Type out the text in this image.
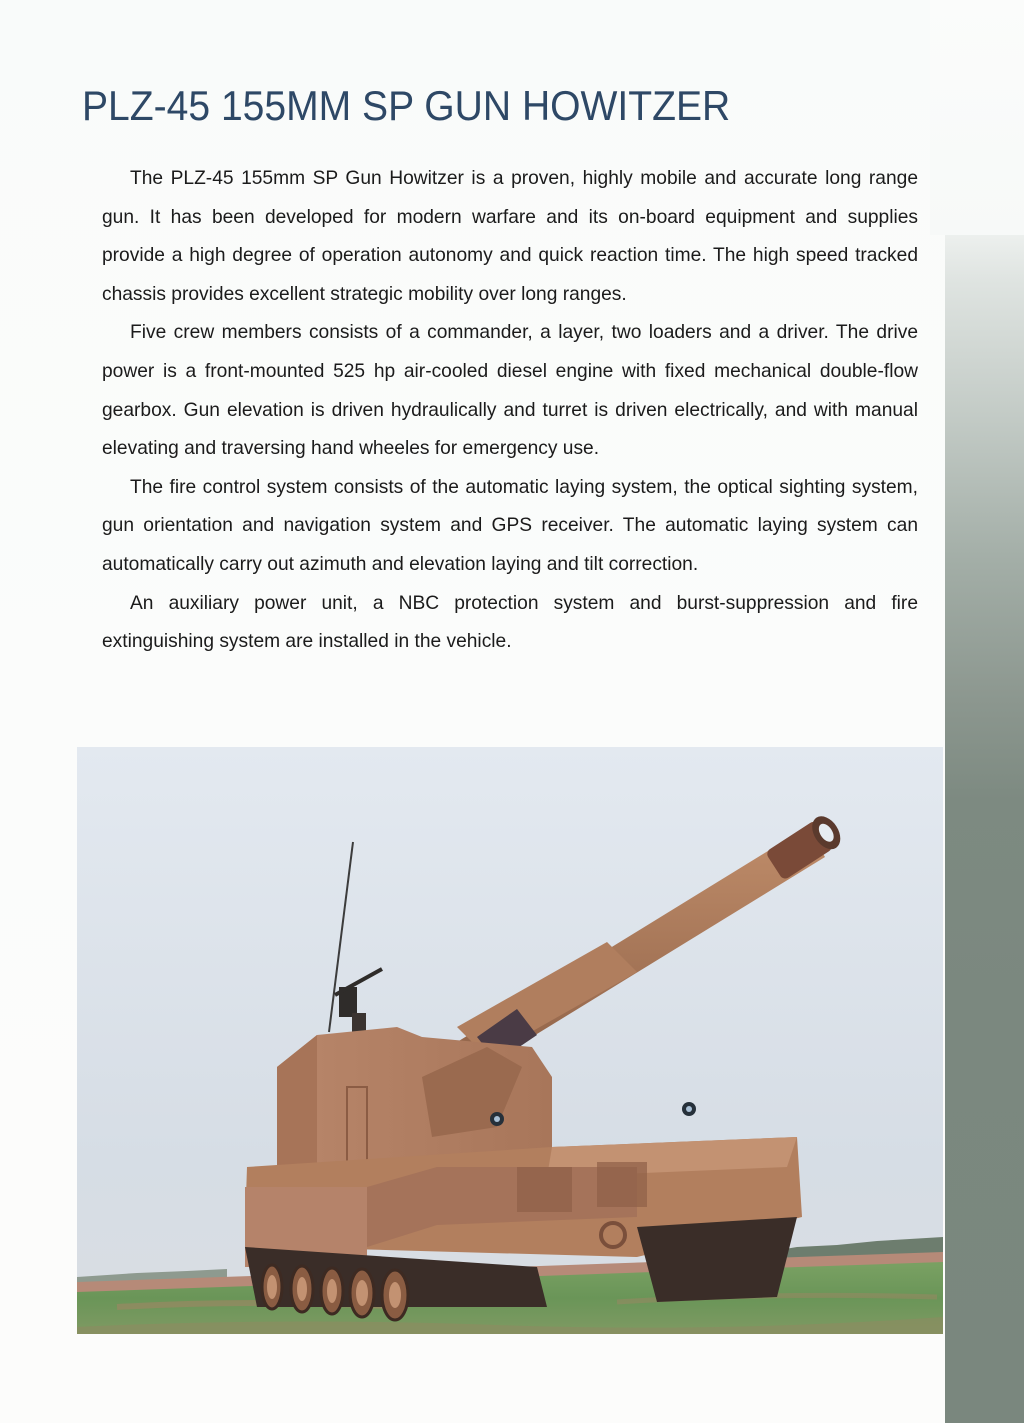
PLZ-45 155MM SP GUN HOWITZER

The PLZ-45 155mm SP Gun Howitzer is a proven, highly mobile and accurate long range gun. It has been developed for modern warfare and its on-board equipment and supplies provide a high degree of operation autonomy and quick reaction time. The high speed tracked chassis provides excellent strategic mobility over long ranges.

Five crew members consists of a commander, a layer, two loaders and a driver. The drive power is a front-mounted 525 hp air-cooled diesel engine with fixed mechanical double-flow gearbox. Gun elevation is driven hydraulically and turret is driven electrically, and with manual elevating and traversing hand wheeles for emergency use.

The fire control system consists of the automatic laying system, the optical sighting system, gun orientation and navigation system and GPS receiver. The automatic laying system can automatically carry out azimuth and elevation laying and tilt correction.

An auxiliary power unit, a NBC protection system and burst-suppression and fire extinguishing system are installed in the vehicle.
